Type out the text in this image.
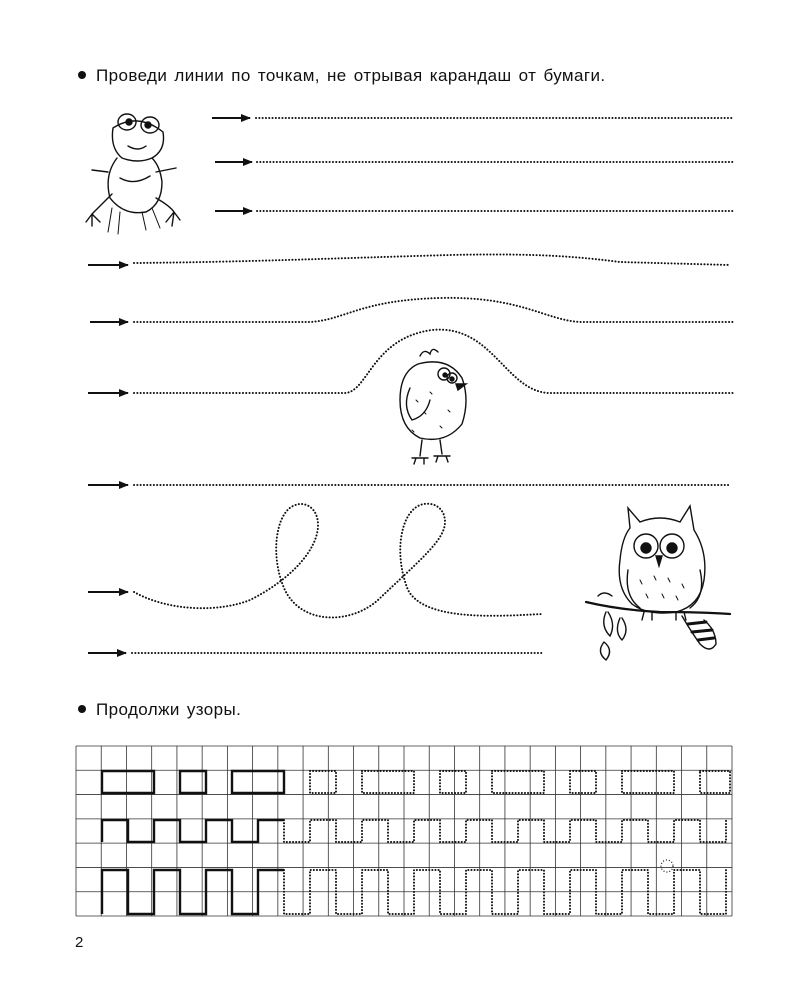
Проведи линии по точкам, не отрывая карандаш от бумаги.
Продолжи узоры.
2
